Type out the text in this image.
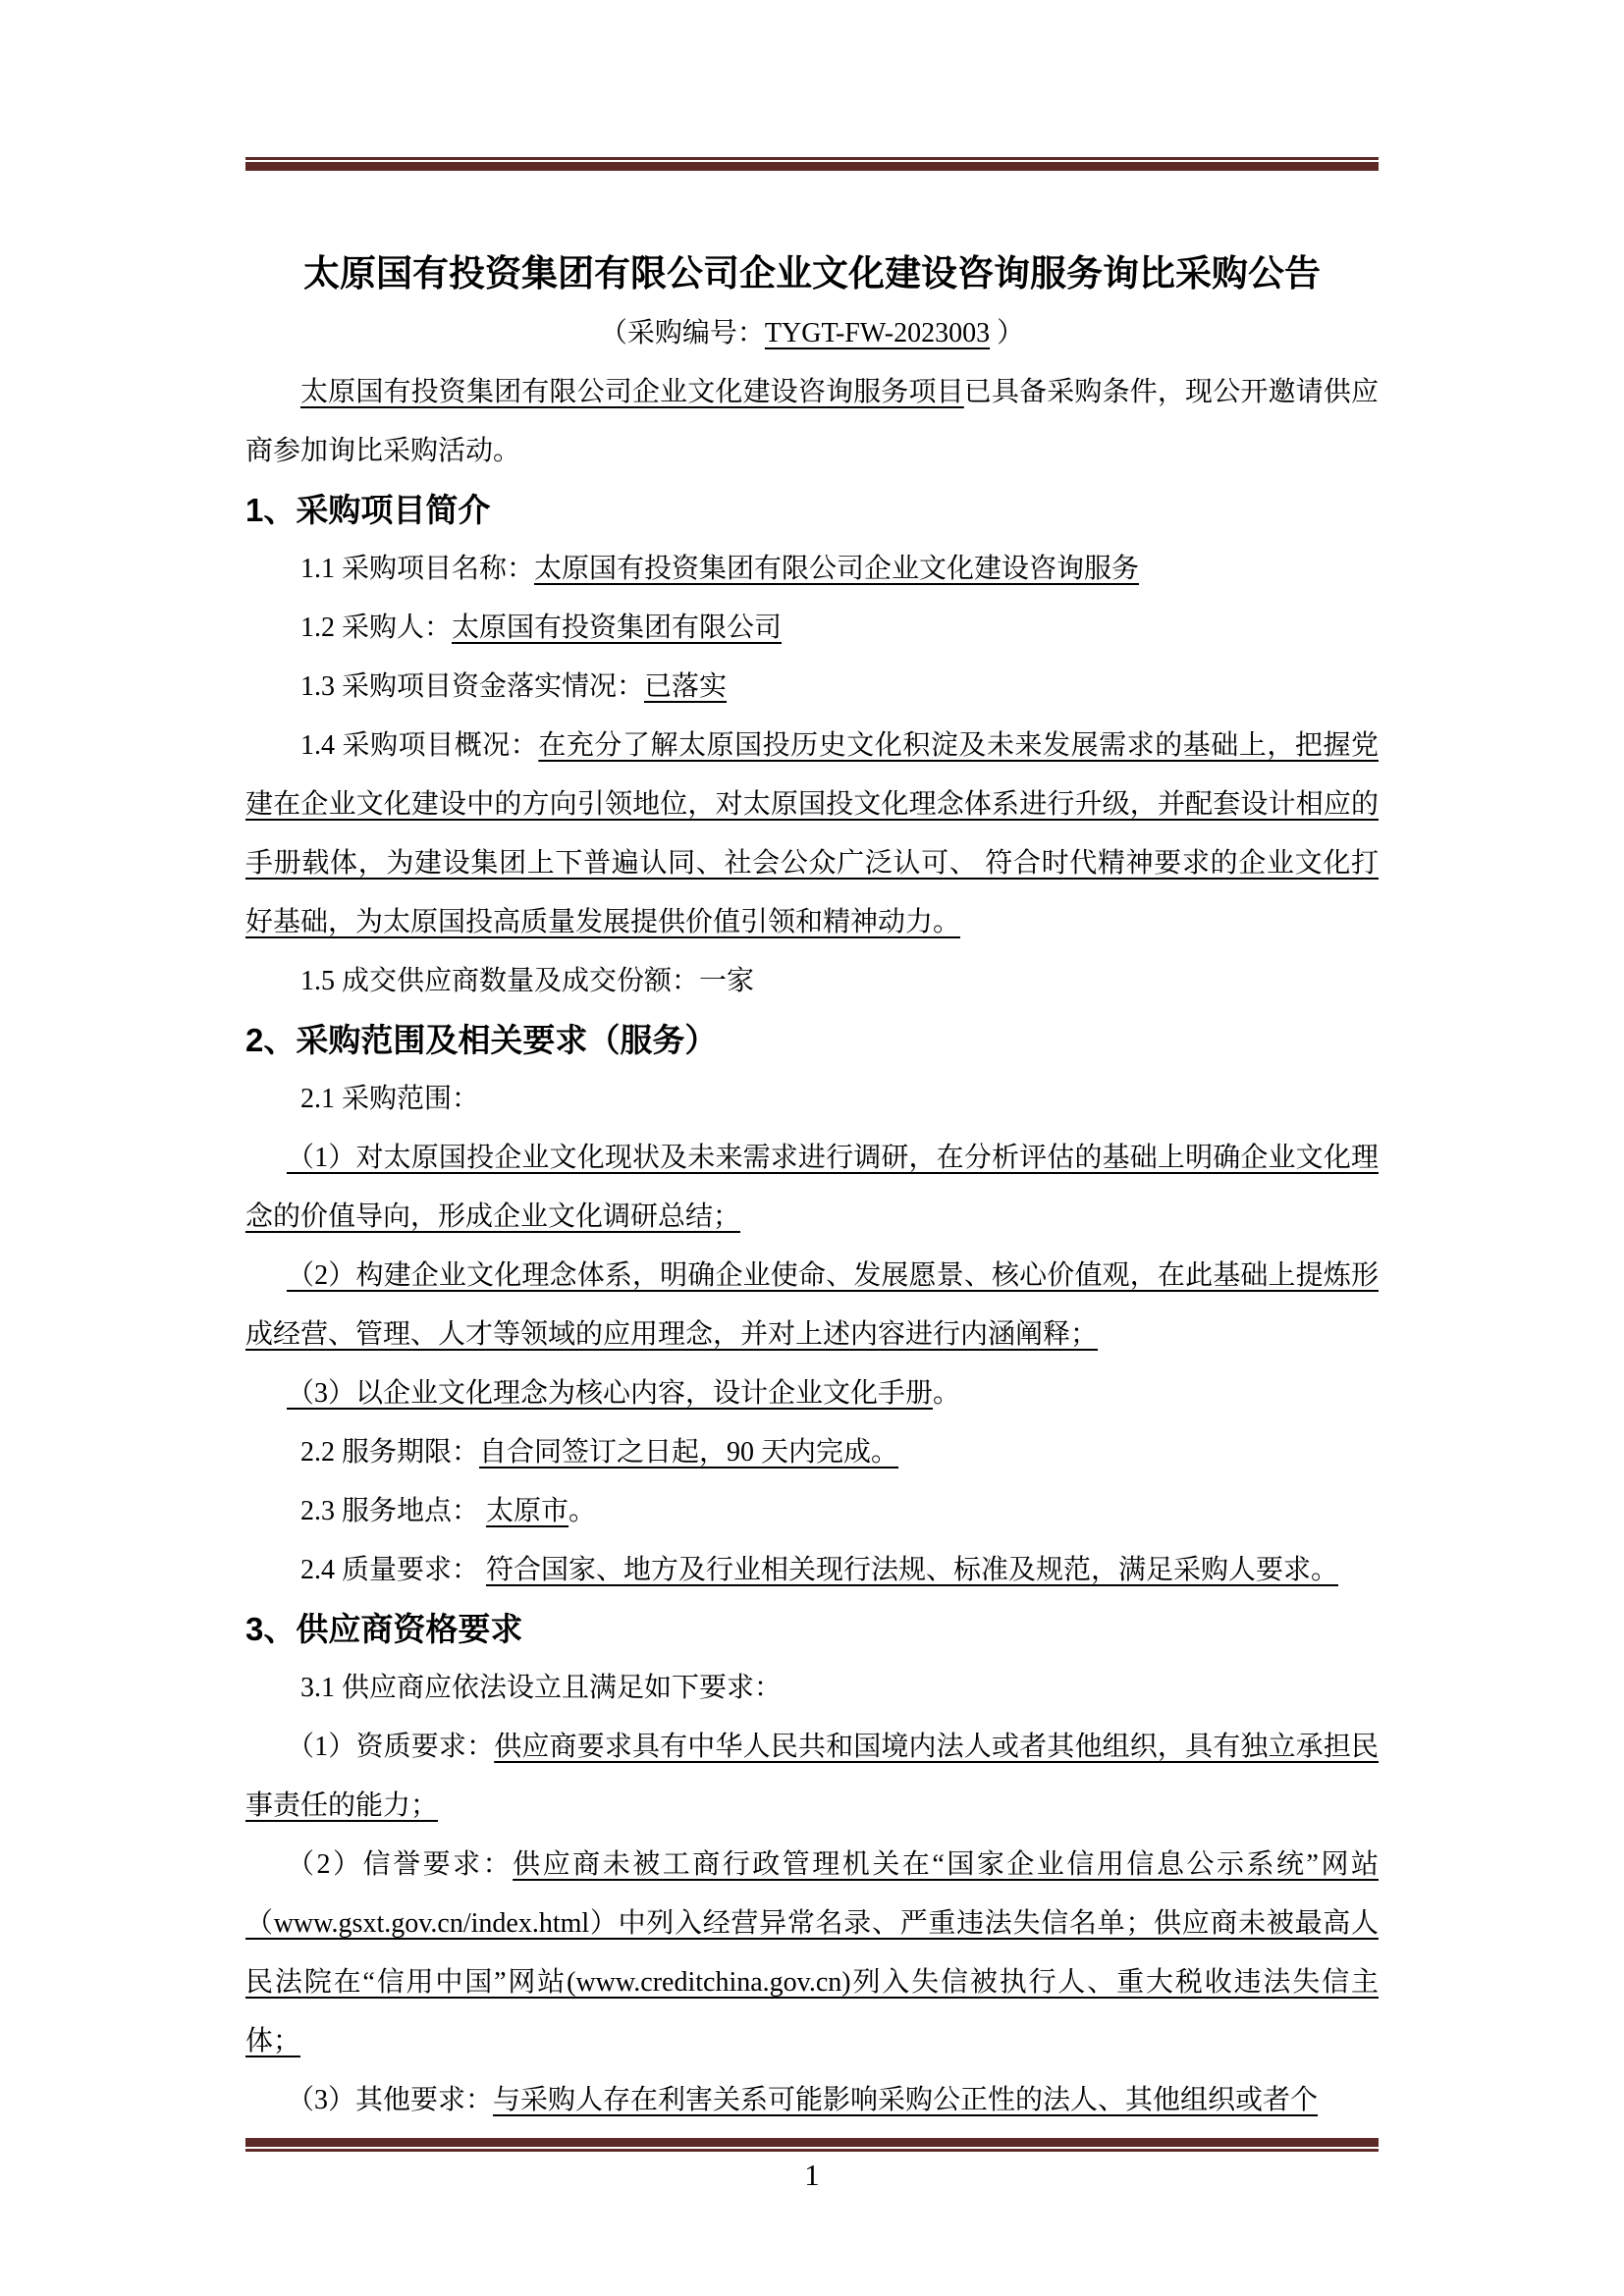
太原国有投资集团有限公司企业文化建设咨询服务询比采购公告

（采购编号：TYGT-FW-2023003 ）

太原国有投资集团有限公司企业文化建设咨询服务项目已具备采购条件，现公开邀请供应商参加询比采购活动。

1、采购项目简介

1.1 采购项目名称：太原国有投资集团有限公司企业文化建设咨询服务

1.2 采购人：太原国有投资集团有限公司

1.3 采购项目资金落实情况：已落实

1.4 采购项目概况：在充分了解太原国投历史文化积淀及未来发展需求的基础上，把握党建在企业文化建设中的方向引领地位，对太原国投文化理念体系进行升级，并配套设计相应的手册载体，为建设集团上下普遍认同、社会公众广泛认可、 符合时代精神要求的企业文化打好基础，为太原国投高质量发展提供价值引领和精神动力。

1.5 成交供应商数量及成交份额：一家

2、采购范围及相关要求（服务）

2.1 采购范围：

（1）对太原国投企业文化现状及未来需求进行调研，在分析评估的基础上明确企业文化理念的价值导向，形成企业文化调研总结；

（2）构建企业文化理念体系，明确企业使命、发展愿景、核心价值观，在此基础上提炼形成经营、管理、人才等领域的应用理念，并对上述内容进行内涵阐释；

（3）以企业文化理念为核心内容，设计企业文化手册。

2.2 服务期限：自合同签订之日起，90 天内完成。

2.3 服务地点： 太原市。

2.4 质量要求： 符合国家、地方及行业相关现行法规、标准及规范，满足采购人要求。

3、供应商资格要求

3.1 供应商应依法设立且满足如下要求：

（1）资质要求：供应商要求具有中华人民共和国境内法人或者其他组织，具有独立承担民事责任的能力；

（2）信誉要求：供应商未被工商行政管理机关在“国家企业信用信息公示系统”网站（www.gsxt.gov.cn/index.html）中列入经营异常名录、严重违法失信名单；供应商未被最高人民法院在“信用中国”网站(www.creditchina.gov.cn)列入失信被执行人、重大税收违法失信主体；

（3）其他要求：与采购人存在利害关系可能影响采购公正性的法人、其他组织或者个

1
